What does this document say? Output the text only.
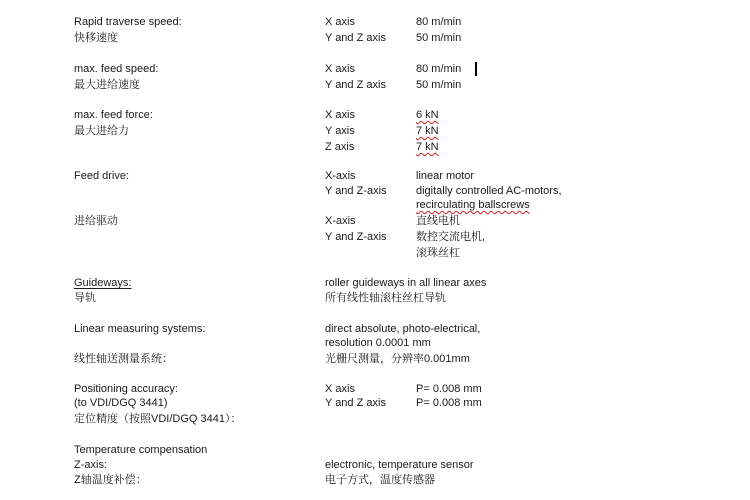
Rapid traverse speed:
快移速度
X axis	80 m/min
Y and Z axis	50 m/min
max. feed speed:
最大进给速度
X axis	80 m/min
Y and Z axis	50 m/min
max. feed force:
最大进给力
X axis	6 kN
Y axis	7 kN
Z axis	7 kN
Feed drive:	X-axis	linear motor
Y and Z-axis	digitally controlled AC-motors,
recirculating ballscrews
进给驱动	X-axis	直线电机
Y and Z-axis	数控交流电机,
滚珠丝杠
Guideways:
导轨
roller guideways in all linear axes
所有线性轴滚柱丝杠导轨
Linear measuring systems:	direct absolute, photo-electrical,
resolution 0.0001 mm
线性轴送测量系统：	光栅尺测量，分辨率0.001mm
Positioning accuracy:
(to VDI/DGQ 3441)
定位精度（按照VDI/DGQ 3441）：
X axis	P= 0.008 mm
Y and Z axis	P= 0.008 mm
Temperature compensation
Z-axis:
Z轴温度补偿：
electronic, temperature sensor
电子方式，温度传感器
